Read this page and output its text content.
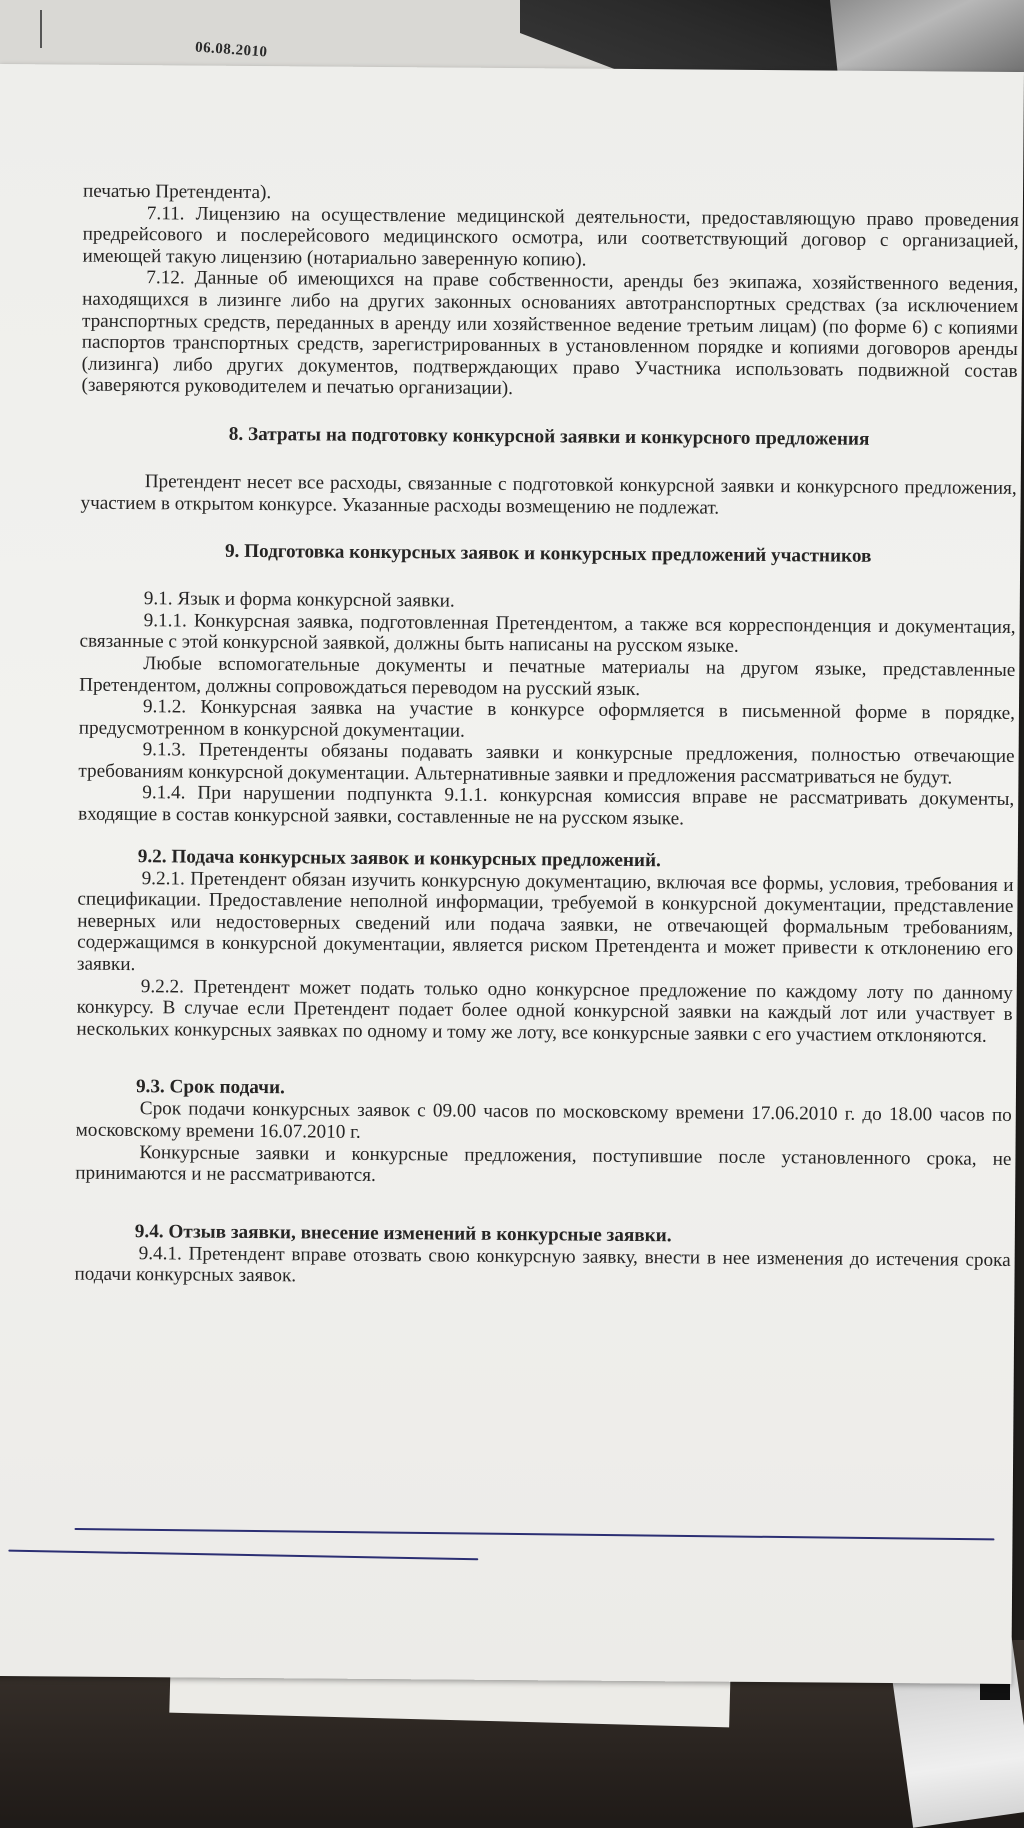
06.08.2010

печатью Претендента).

7.11. Лицензию на осуществление медицинской деятельности, предоставляющую право проведения предрейсового и послерейсового медицинского осмотра, или соответствующий договор с организацией, имеющей такую лицензию (нотариально заверенную копию).

7.12. Данные об имеющихся на праве собственности, аренды без экипажа, хозяйственного ведения, находящихся в лизинге либо на других законных основаниях автотранспортных средствах (за исключением транспортных средств, переданных в аренду или хозяйственное ведение третьим лицам) (по форме 6) с копиями паспортов транспортных средств, зарегистрированных в установленном порядке и копиями договоров аренды (лизинга) либо других документов, подтверждающих право Участника использовать подвижной состав (заверяются руководителем и печатью организации).

8. Затраты на подготовку конкурсной заявки и конкурсного предложения

Претендент несет все расходы, связанные с подготовкой конкурсной заявки и конкурсного предложения, участием в открытом конкурсе. Указанные расходы возмещению не подлежат.

9. Подготовка конкурсных заявок и конкурсных предложений участников

9.1. Язык и форма конкурсной заявки.

9.1.1. Конкурсная заявка, подготовленная Претендентом, а также вся корреспонденция и документация, связанные с этой конкурсной заявкой, должны быть написаны на русском языке.

Любые вспомогательные документы и печатные материалы на другом языке, представленные Претендентом, должны сопровождаться переводом на русский язык.

9.1.2. Конкурсная заявка на участие в конкурсе оформляется в письменной форме в порядке, предусмотренном в конкурсной документации.

9.1.3. Претенденты обязаны подавать заявки и конкурсные предложения, полностью отвечающие требованиям конкурсной документации. Альтернативные заявки и предложения рассматриваться не будут.

9.1.4. При нарушении подпункта 9.1.1. конкурсная комиссия вправе не рассматривать документы, входящие в состав конкурсной заявки, составленные не на русском языке.

9.2. Подача конкурсных заявок и конкурсных предложений.

9.2.1. Претендент обязан изучить конкурсную документацию, включая все формы, условия, требования и спецификации. Предоставление неполной информации, требуемой в конкурсной документации, представление неверных или недостоверных сведений или подача заявки, не отвечающей формальным требованиям, содержащимся в конкурсной документации, является риском Претендента и может привести к отклонению его заявки.

9.2.2. Претендент может подать только одно конкурсное предложение по каждому лоту по данному конкурсу. В случае если Претендент подает более одной конкурсной заявки на каждый лот или участвует в нескольких конкурсных заявках по одному и тому же лоту, все конкурсные заявки с его участием отклоняются.

9.3. Срок подачи.

Срок подачи конкурсных заявок с 09.00 часов по московскому времени 17.06.2010 г. до 18.00 часов по московскому времени 16.07.2010 г.

Конкурсные заявки и конкурсные предложения, поступившие после установленного срока, не принимаются и не рассматриваются.

9.4. Отзыв заявки, внесение изменений в конкурсные заявки.

9.4.1. Претендент вправе отозвать свою конкурсную заявку, внести в нее изменения до истечения срока подачи конкурсных заявок.
